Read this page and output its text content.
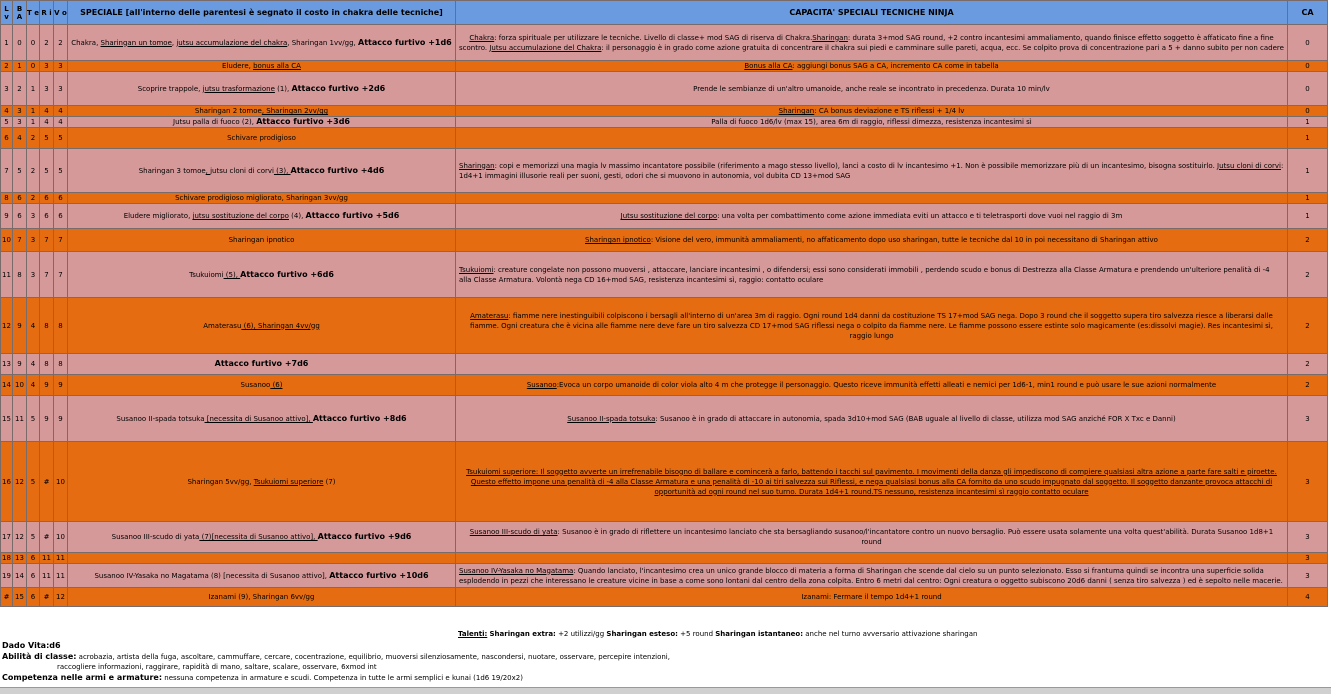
L v	B A	T e	R i	V o	SPECIALE [all'interno delle parentesi è segnato il costo in chakra delle tecniche]	CAPACITA' SPECIALI TECNICHE NINJA	CA
1	0	0	2	2	Chakra, Sharingan un tomoe, jutsu accumulazione del chakra, Sharingan 1vv/gg, Attacco furtivo +1d6	Chakra: forza spirituale per utilizzare le tecniche. Livello di classe+ mod SAG di riserva di Chakra.Sharingan: durata 3+mod SAG round, +2 contro incantesimi ammaliamento, quando finisce effetto soggetto è affaticato fine a fine scontro. Jutsu accumulazione del Chakra: il personaggio è in grado come azione gratuita di concentrare il chakra sui piedi e camminare sulle pareti, acqua, ecc. Se colpito prova di concentrazione pari a 5 + danno subito per non cadere	0
2	1	0	3	3	Eludere, bonus alla CA	Bonus alla CA: aggiungi bonus SAG a CA, incremento CA come in tabella	0
3	2	1	3	3	Scoprire trappole, jutsu trasformazione (1), Attacco furtivo +2d6	Prende le sembianze di un'altro umanoide, anche reale se incontrato in precedenza. Durata 10 min/lv	0
4	3	1	4	4	Sharingan 2 tomoe, Sharingan 2vv/gg	Sharingan: CA bonus deviazione e TS riflessi + 1/4 lv	0
5	3	1	4	4	Jutsu palla di fuoco (2), Attacco furtivo +3d6	Palla di fuoco 1d6/lv (max 15), area 6m di raggio, riflessi dimezza, resistenza incantesimi sì	1
6	4	2	5	5	Schivare prodigioso		1
7	5	2	5	5	Sharingan 3 tomoe, jutsu cloni di corvi (3), Attacco furtivo +4d6	Sharingan: copi e memorizzi una magia lv massimo incantatore possibile (riferimento a mago stesso livello), lanci a costo di lv incantesimo +1. Non è possibile memorizzare più di un incantesimo, bisogna sostituirlo. Jutsu cloni di corvi: 1d4+1 immagini illusorie reali per suoni, gesti, odori che si muovono in autonomia, vol dubita CD 13+mod SAG	1
8	6	2	6	6	Schivare prodigioso migliorato, Sharingan 3vv/gg		1
9	6	3	6	6	Eludere migliorato, jutsu sostituzione del corpo (4), Attacco furtivo +5d6	Jutsu sostituzione del corpo: una volta per combattimento come azione immediata eviti un attacco e ti teletrasporti dove vuoi nel raggio di 3m	1
10	7	3	7	7	Sharingan ipnotico	Sharingan ipnotico: Visione del vero, immunità ammaliamenti, no affaticamento dopo uso sharingan, tutte le tecniche dal 10 in poi necessitano di Sharingan attivo	2
11	8	3	7	7	Tsukuiomi (5), Attacco furtivo +6d6	Tsukuiomi: creature congelate non possono muoversi , attaccare, lanciare incantesimi , o difendersi; essi sono considerati immobili , perdendo scudo e bonus di Destrezza alla Classe Armatura e prendendo un'ulteriore penalità di -4 alla Classe Armatura. Volontà nega CD 16+mod SAG, resistenza incantesimi sì, raggio: contatto oculare	2
12	9	4	8	8	Amaterasu (6), Sharingan 4vv/gg	Amaterasu: fiamme nere inestinguibili colpiscono i bersagli all'interno di un'area 3m di raggio. Ogni round 1d4 danni da costituzione TS 17+mod SAG nega. Dopo 3 round che il soggetto supera tiro salvezza riesce a liberarsi dalle fiamme. Ogni creatura che è vicina alle fiamme nere deve fare un tiro salvezza CD 17+mod SAG riflessi nega o colpito da fiamme nere. Le fiamme possono essere estinte solo magicamente (es:dissolvi magie). Res incantesimi sì, raggio lungo	2
13	9	4	8	8	Attacco furtivo +7d6		2
14	10	4	9	9	Susanoo (6)	Susanoo:Evoca un corpo umanoide di color viola alto 4 m che protegge il personaggio. Questo riceve immunità effetti alleati e nemici per 1d6-1, min1 round e può usare le sue azioni normalmente	2
15	11	5	9	9	Susanoo II-spada totsuka [necessita di Susanoo attivo], Attacco furtivo +8d6	Susanoo II-spada totsuka: Susanoo è in grado di attaccare in autonomia, spada 3d10+mod SAG (BAB uguale al livello di classe, utilizza mod SAG anziché FOR X Txc e Danni)	3
16	12	5	#	10	Sharingan 5vv/gg, Tsukuiomi superiore (7)	Tsukuiomi superiore: Il soggetto avverte un irrefrenabile bisogno di ballare e comincerà a farlo, battendo i tacchi sul pavimento. I movimenti della danza gli impediscono di compiere qualsiasi altra azione a parte fare salti e piroette. Questo effetto impone una penalità di -4 alla Classe Armatura e una penalità di -10 ai tiri salvezza sui Riflessi, e nega qualsiasi bonus alla CA fornito da uno scudo impugnato dal soggetto. Il soggetto danzante provoca attacchi di opportunità ad ogni round nel suo turno. Durata 1d4+1 round.TS nessuno, resistenza incantesimi sì raggio contatto oculare	3
17	12	5	#	10	Susanoo III-scudo di yata (7)[necessita di Susanoo attivo], Attacco furtivo +9d6	Susanoo III-scudo di yata: Susanoo è in grado di riflettere un incantesimo lanciato che sta bersagliando susanoo/l'incantatore contro un nuovo bersaglio. Può essere usata solamente una volta quest'abilità. Durata Susanoo 1d8+1 round	3
18	13	6	11	11			3
19	14	6	11	11	Susanoo IV-Yasaka no Magatama (8) [necessita di Susanoo attivo], Attacco furtivo +10d6	Susanoo IV-Yasaka no Magatama: Quando lanciato, l'incantesimo crea un unico grande blocco di materia a forma di Sharingan che scende dal cielo su un punto selezionato. Esso si frantuma quindi se incontra una superficie solida esplodendo in pezzi che interessano le creature vicine in base a come sono lontani dal centro della zona colpita. Entro 6 metri dal centro: Ogni creatura o oggetto subiscono 20d6 danni ( senza tiro salvezza ) ed è sepolto nelle macerie.	3
#	15	6	#	12	Izanami (9), Sharingan 6vv/gg	Izanami: Fermare il tempo 1d4+1 round	4
Talenti: Sharingan extra: +2 utilizzi/gg Sharingan esteso: +5 round Sharingan istantaneo: anche nel turno avversario attivazione sharingan
Dado Vita:d6
Abilità di classe: acrobazia, artista della fuga, ascoltare, cammuffare, cercare, cocentrazione, equilibrio, muoversi silenziosamente, nascondersi, nuotare, osservare, percepire intenzioni,
raccogliere informazioni, raggirare, rapidità di mano, saltare, scalare, osservare, 6xmod int
Competenza nelle armi e armature: nessuna competenza in armature e scudi. Competenza in tutte le armi semplici e kunai (1d6 19/20x2)
